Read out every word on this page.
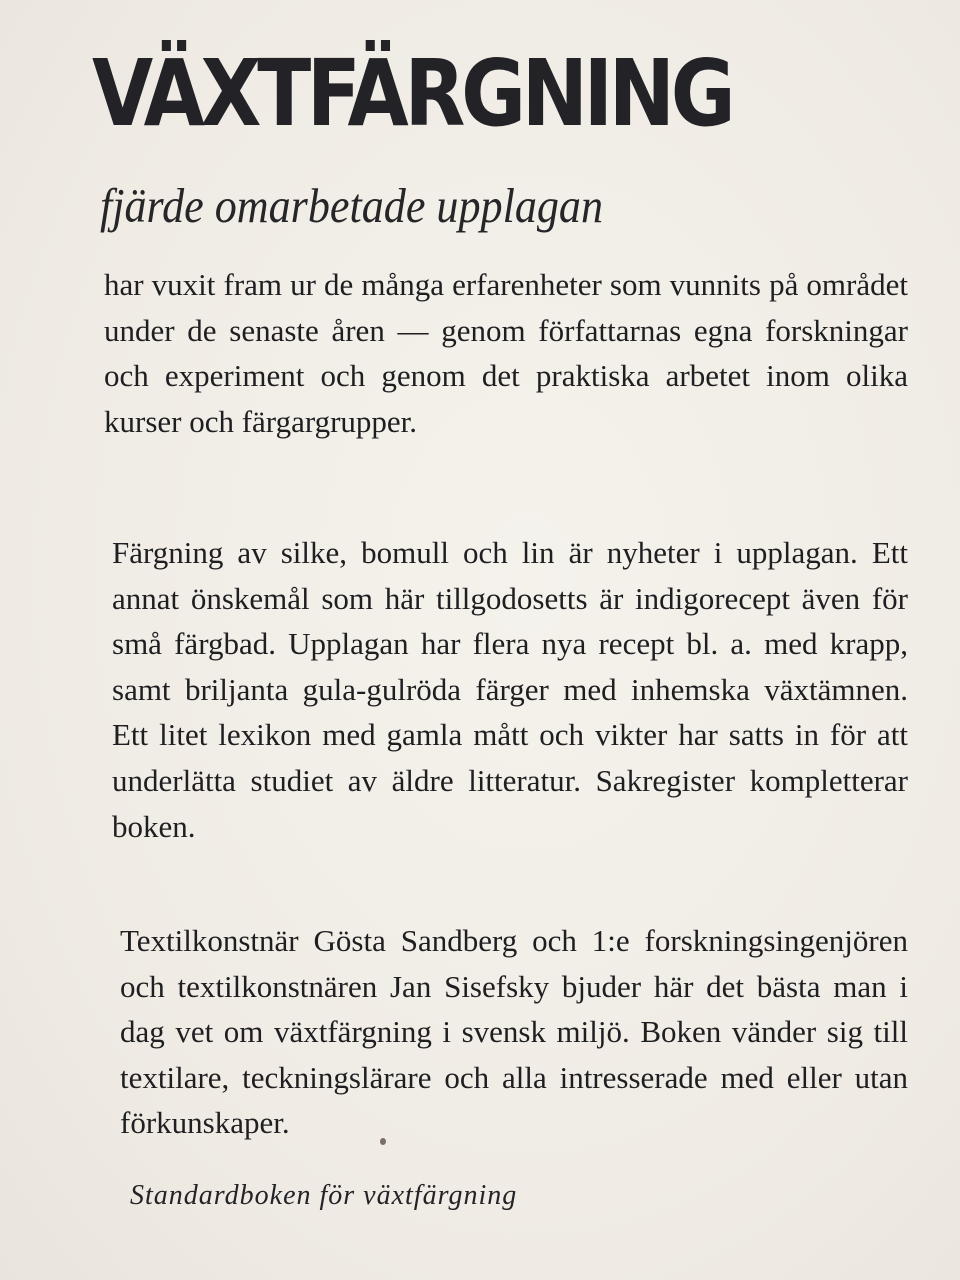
VÄXTFÄRGNING
fjärde omarbetade upplagan

har vuxit fram ur de många erfarenheter som vunnits på området under de senaste åren — genom författarnas egna forskningar och experiment och genom det praktiska arbetet inom olika kurser och färgargrupper.

Färgning av silke, bomull och lin är nyheter i upplagan. Ett annat önskemål som här tillgodosetts är indigorecept även för små färgbad. Upplagan har flera nya recept bl. a. med krapp, samt briljanta gula-gulröda färger med inhemska växtämnen. Ett litet lexikon med gamla mått och vikter har satts in för att underlätta studiet av äldre litteratur. Sakregister kompletterar boken.

Textilkonstnär Gösta Sandberg och 1:e forskningsingenjören och textilkonstnären Jan Sisefsky bjuder här det bästa man i dag vet om växtfärgning i svensk miljö. Boken vänder sig till textilare, teckningslärare och alla intresserade med eller utan förkunskaper.

Standardboken för växtfärgning
